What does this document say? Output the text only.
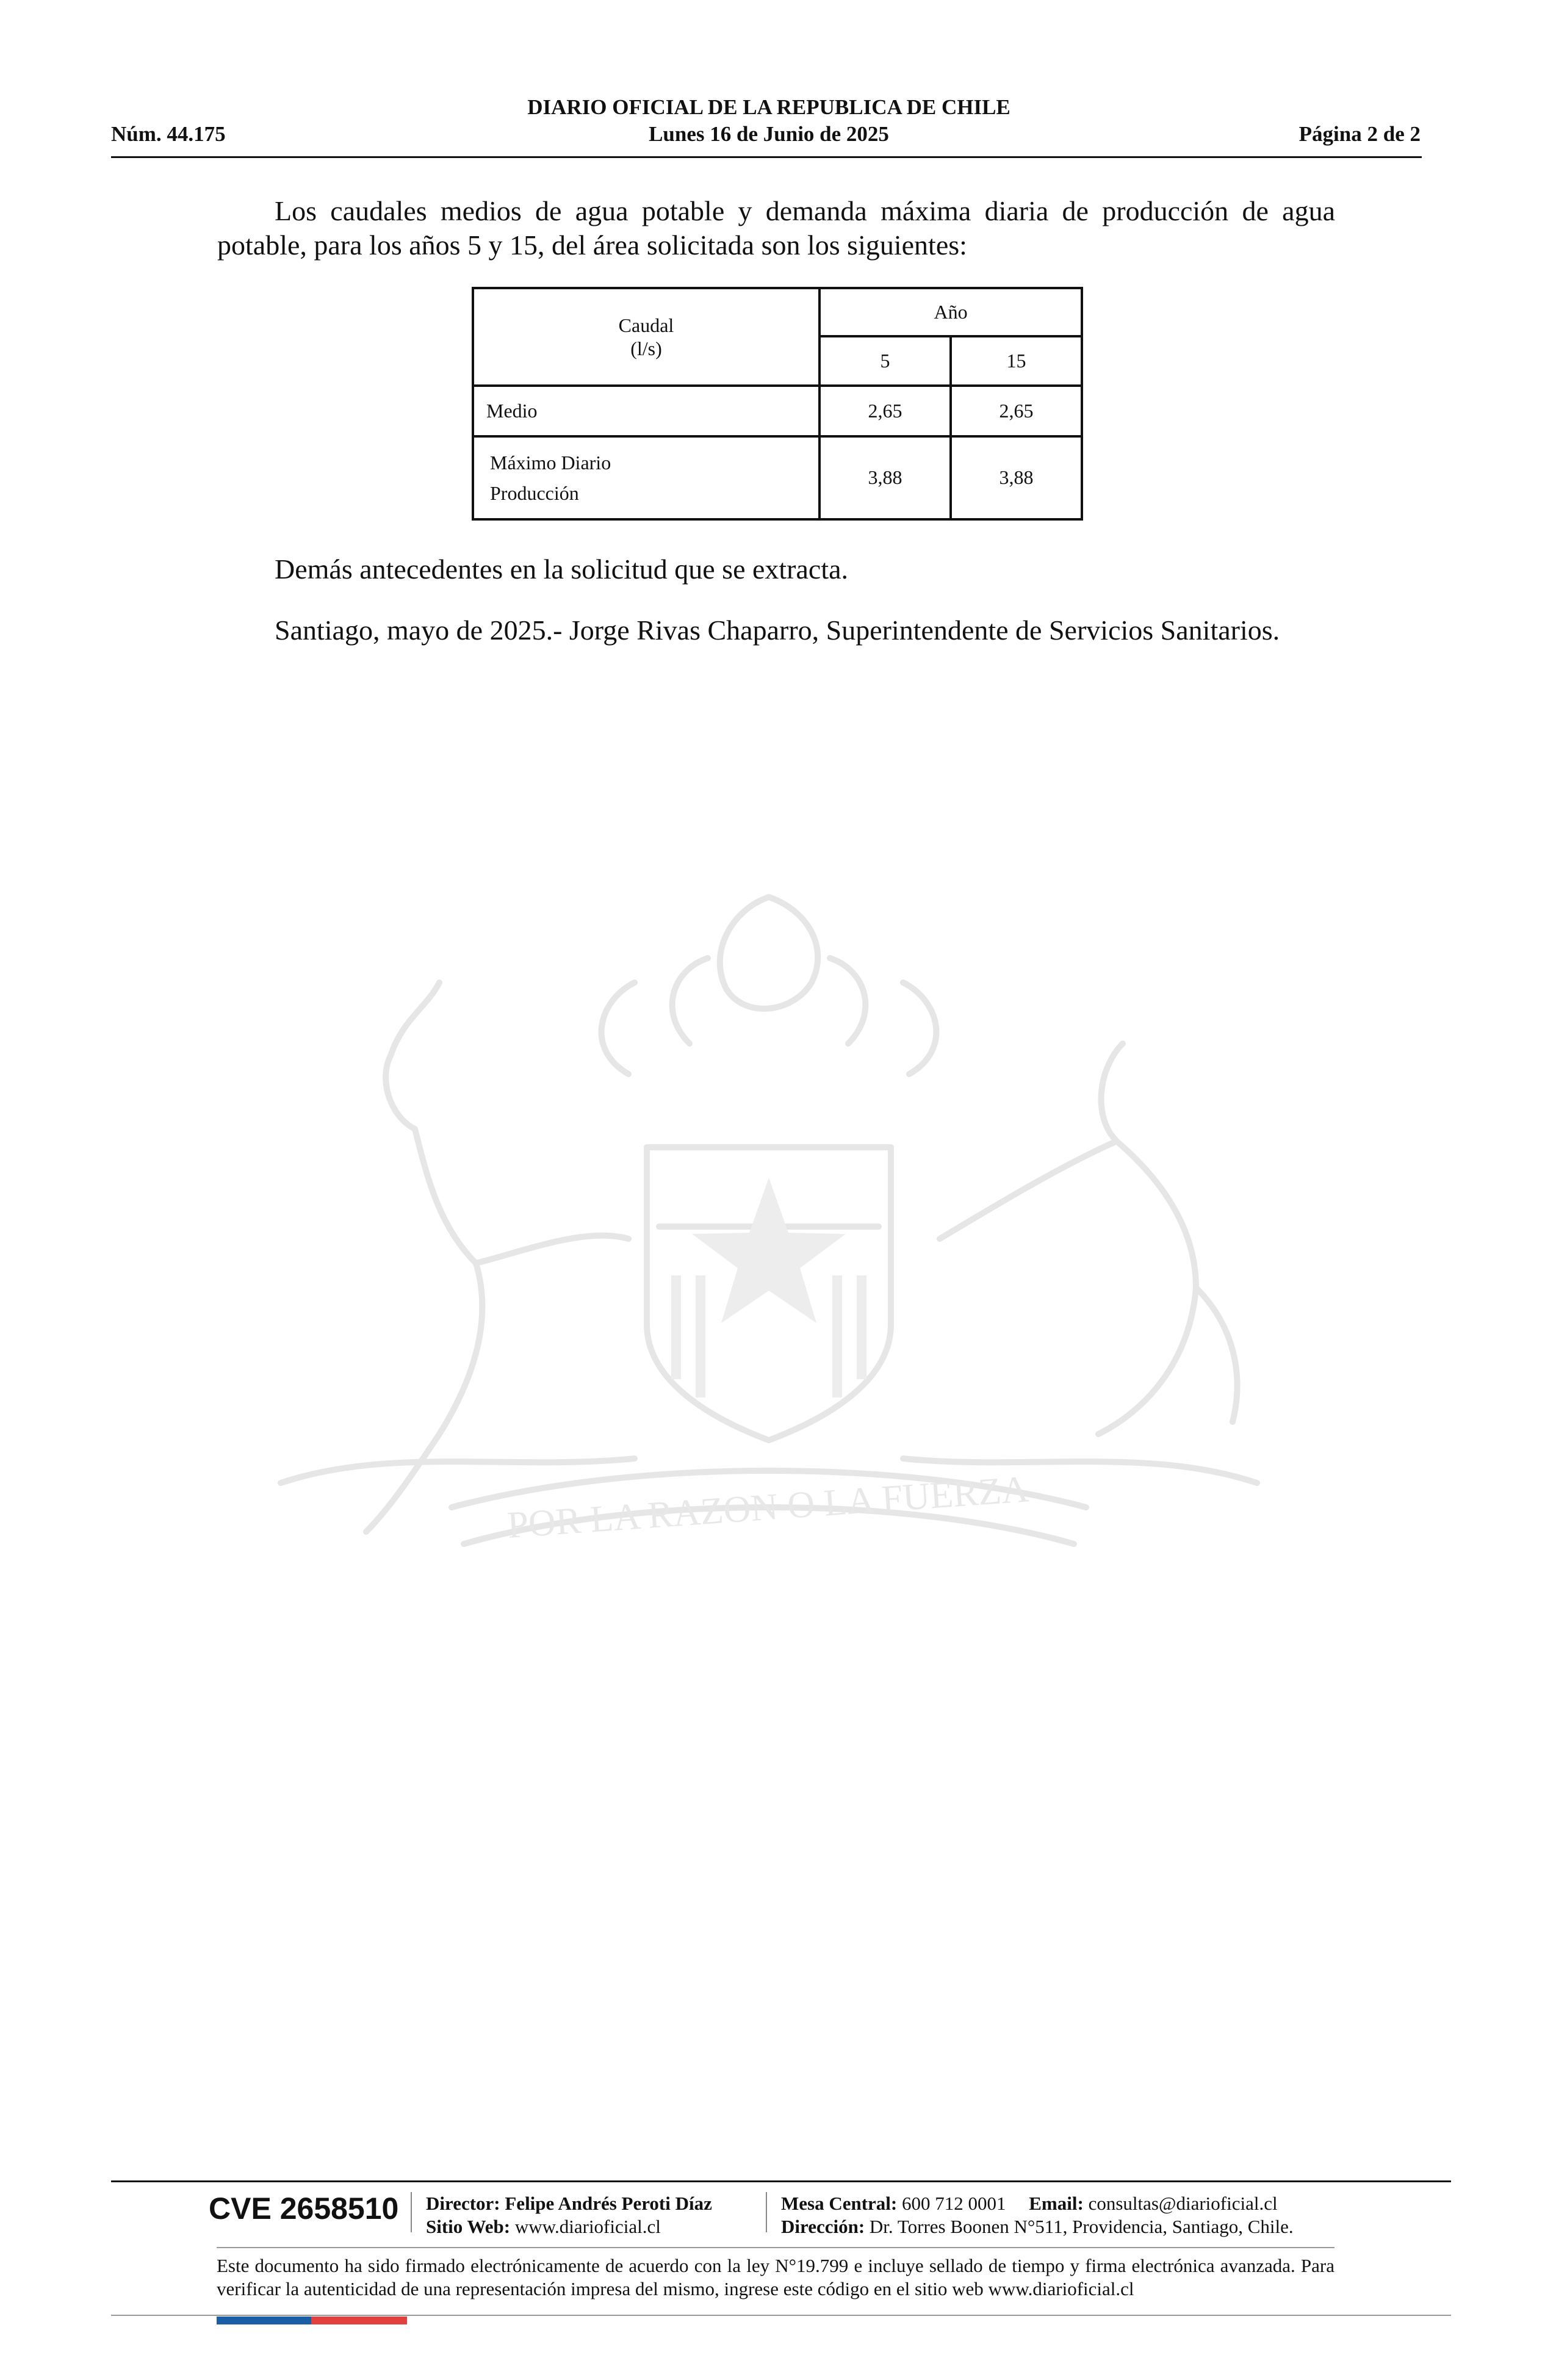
DIARIO OFICIAL DE LA REPUBLICA DE CHILE
Núm. 44.175	Lunes 16 de Junio de 2025	Página 2 de 2
POR LA RAZON O LA FUERZA
Los caudales medios de agua potable y demanda máxima diaria de producción de agua potable, para los años 5 y 15, del área solicitada son los siguientes:
Caudal
(l/s)	Año	
	5	15
Medio	2,65	2,65
Máximo Diario
Producción	3,88	3,88
Demás antecedentes en la solicitud que se extracta.
Santiago, mayo de 2025.- Jorge Rivas Chaparro, Superintendente de Servicios Sanitarios.
CVE 2658510 Director: Felipe Andrés Peroti Díaz
Sitio Web: www.diarioficial.cl
Mesa Central: 600 712 0001 Email: consultas@diarioficial.cl
Dirección: Dr. Torres Boonen N°511, Providencia, Santiago, Chile.
Este documento ha sido firmado electrónicamente de acuerdo con la ley N°19.799 e incluye sellado de tiempo y firma electrónica avanzada. Para verificar la autenticidad de una representación impresa del mismo, ingrese este código en el sitio web www.diarioficial.cl
